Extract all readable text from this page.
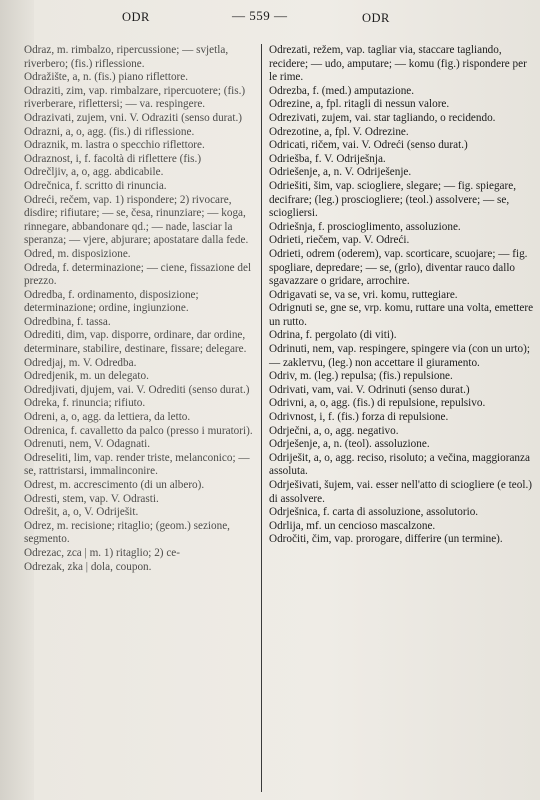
ODR	— 559 —	ODR

Odraz, m. rimbalzo, ripercussione; — svjetla, riverbero; (fis.) riflessione.

Odražište, a, n. (fis.) piano riflettore.

Odraziti, zim, vap. rimbalzare, ripercuotere; (fis.) riverberare, riflettersi; — va. respingere.

Odrazivati, zujem, vni. V. Odraziti (senso durat.)

Odrazni, a, o, agg. (fis.) di riflessione.

Odraznik, m. lastra o specchio riflettore.

Odraznost, i, f. facoltà di riflettere (fis.)

Odrečljiv, a, o, agg. abdicabile.

Odrečnica, f. scritto di rinuncia.

Odreći, rečem, vap. 1) rispondere; 2) rivocare, disdire; rifiutare; — se, česa, rinunziare; — koga, rinnegare, abbandonare qd.; — nade, lasciar la speranza; — vjere, abjurare; apostatare dalla fede.

Odred, m. disposizione.

Odreda, f. determinazione; — ciene, fissazione del prezzo.

Odredba, f. ordinamento, disposizione; determinazione; ordine, ingiunzione.

Odredbina, f. tassa.

Odrediti, dim, vap. disporre, ordinare, dar ordine, determinare, stabilire, destinare, fissare; delegare.

Odredjaj, m. V. Odredba.

Odredjenik, m. un delegato.

Odredjivati, djujem, vai. V. Odrediti (senso durat.)

Odreka, f. rinuncia; rifiuto.

Odreni, a, o, agg. da lettiera, da letto.

Odrenica, f. cavalletto da palco (presso i muratori).

Odrenuti, nem, V. Odagnati.

Odreseliti, lim, vap. render triste, melanconico; — se, rattristarsi, immalinconire.

Odrest, m. accrescimento (di un albero).

Odresti, stem, vap. V. Odrasti.

Odrešit, a, o, V. Odriješit.

Odrez, m. recisione; ritaglio; (geom.) sezione, segmento.

Odrezac, zca | m. 1) ritaglio; 2) ce-

Odrezak, zka | dola, coupon.

Odrezati, režem, vap. tagliar via, staccare tagliando, recidere; — udo, amputare; — komu (fig.) rispondere per le rime.

Odrezba, f. (med.) amputazione.

Odrezine, a, fpl. ritagli di nessun valore.

Odrezivati, zujem, vai. star tagliando, o recidendo.

Odrezotine, a, fpl. V. Odrezine.

Odricati, ričem, vai. V. Odreći (senso durat.)

Odriešba, f. V. Odriješnja.

Odriešenje, a, n. V. Odriješenje.

Odriešiti, šim, vap. sciogliere, slegare; — fig. spiegare, decifrare; (leg.) prosciogliere; (teol.) assolvere; — se, sciogliersi.

Odriešnja, f. proscioglimento, assoluzione.

Odrieti, riečem, vap. V. Odreći.

Odrieti, odrem (oderem), vap. scorticare, scuojare; — fig. spogliare, depredare; — se, (grlo), diventar rauco dallo sgavazzare o gridare, arrochire.

Odrigavati se, va se, vri. komu, ruttegiare.

Odrignuti se, gne se, vrp. komu, ruttare una volta, emettere un rutto.

Odrina, f. pergolato (di viti).

Odrinuti, nem, vap. respingere, spingere via (con un urto); — zaklетvu, (leg.) non accettare il giuramento.

Odriv, m. (leg.) repulsa; (fis.) repulsione.

Odrivati, vam, vai. V. Odrinuti (senso durat.)

Odrivni, a, o, agg. (fis.) di repulsione, repulsivo.

Odrivnost, i, f. (fis.) forza di repulsione.

Odrječni, a, o, agg. negativo.

Odrješenje, a, n. (teol). assoluzione.

Odriješit, a, o, agg. reciso, risoluto; a večina, maggioranza assoluta.

Odrješivati, šujem, vai. esser nell'atto di sciogliere (e teol.) di assolvere.

Odrješnica, f. carta di assoluzione, assolutorio.

Odrlija, mf. un cencioso mascalzone.

Odročiti, čim, vap. prorogare, differire (un termine).
